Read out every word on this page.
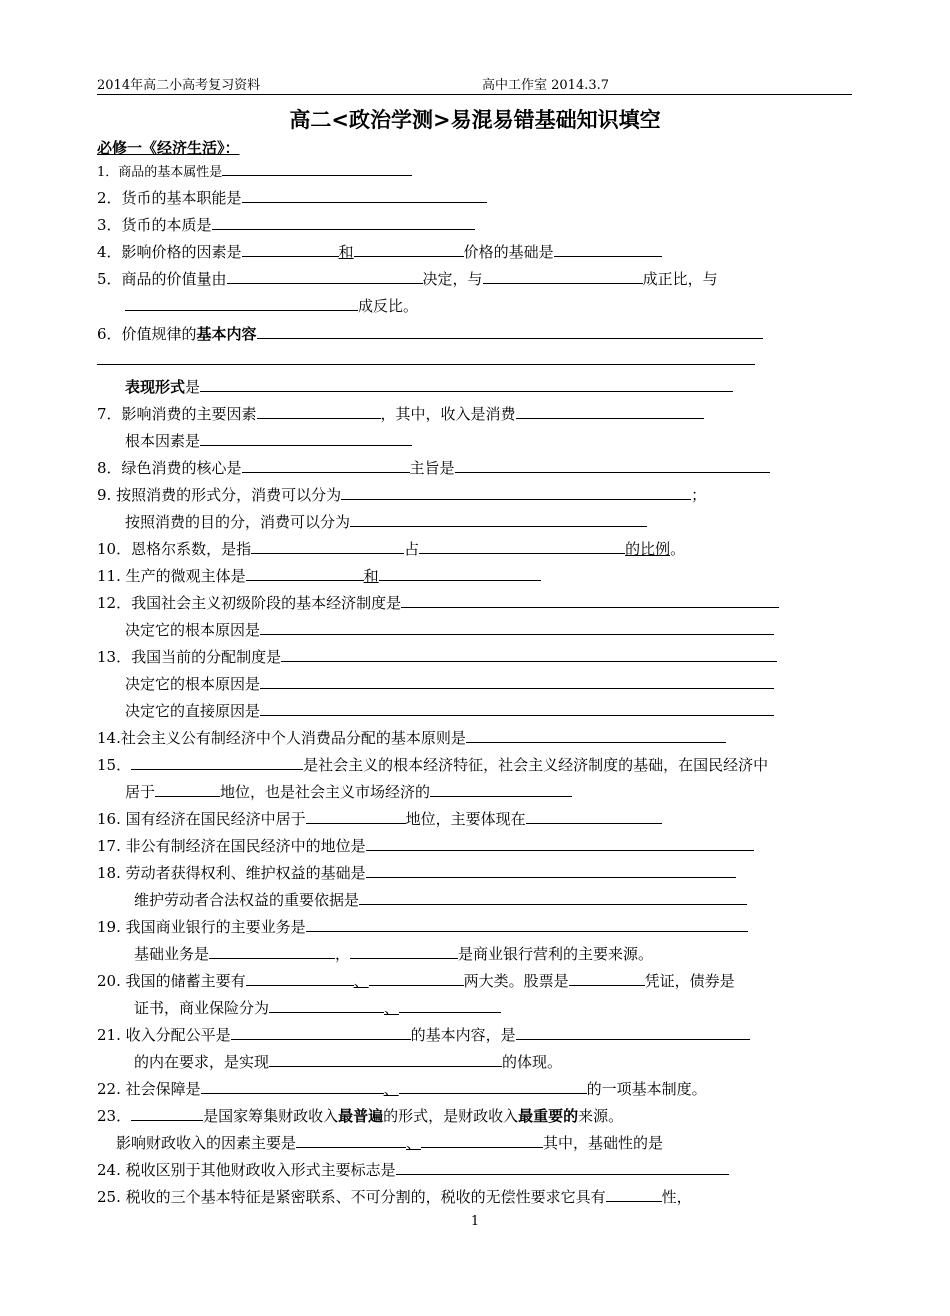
2014年高二小高考复习资料	高中工作室 2014.3.7
高二<政治学测>易混易错基础知识填空
必修一《经济生活》：
1．商品的基本属性是
2．货币的基本职能是
3．货币的本质是
4．影响价格的因素是	和	价格的基础是
5．商品的价值量由	决定，与	成正比，与
成反比。
6．价值规律的基本内容
表现形式是
7．影响消费的主要因素	，其中，收入是消费
根本因素是
8．绿色消费的核心是	主旨是
9. 按照消费的形式分，消费可以分为	；
按照消费的目的分，消费可以分为
10．恩格尔系数，是指	占	的比例。
11. 生产的微观主体是	和
12．我国社会主义初级阶段的基本经济制度是
决定它的根本原因是
13．我国当前的分配制度是
决定它的根本原因是
决定它的直接原因是
14.社会主义公有制经济中个人消费品分配的基本原则是
15．	是社会主义的根本经济特征，社会主义经济制度的基础，在国民经济中
居于	地位，也是社会主义市场经济的
16. 国有经济在国民经济中居于	地位，主要体现在
17. 非公有制经济在国民经济中的地位是
18. 劳动者获得权利、维护权益的基础是
维护劳动者合法权益的重要依据是
19. 我国商业银行的主要业务是
基础业务是	，	是商业银行营利的主要来源。
20. 我国的储蓄主要有	、	两大类。股票是	凭证，债券是
证书，商业保险分为	、
21. 收入分配公平是	的基本内容，是
的内在要求，是实现	的体现。
22. 社会保障是	、	的一项基本制度。
23．	是国家筹集财政收入最普遍的形式，是财政收入最重要的来源。
影响财政收入的因素主要是	、	其中，基础性的是
24. 税收区别于其他财政收入形式主要标志是
25. 税收的三个基本特征是紧密联系、不可分割的，税收的无偿性要求它具有	性，
1
